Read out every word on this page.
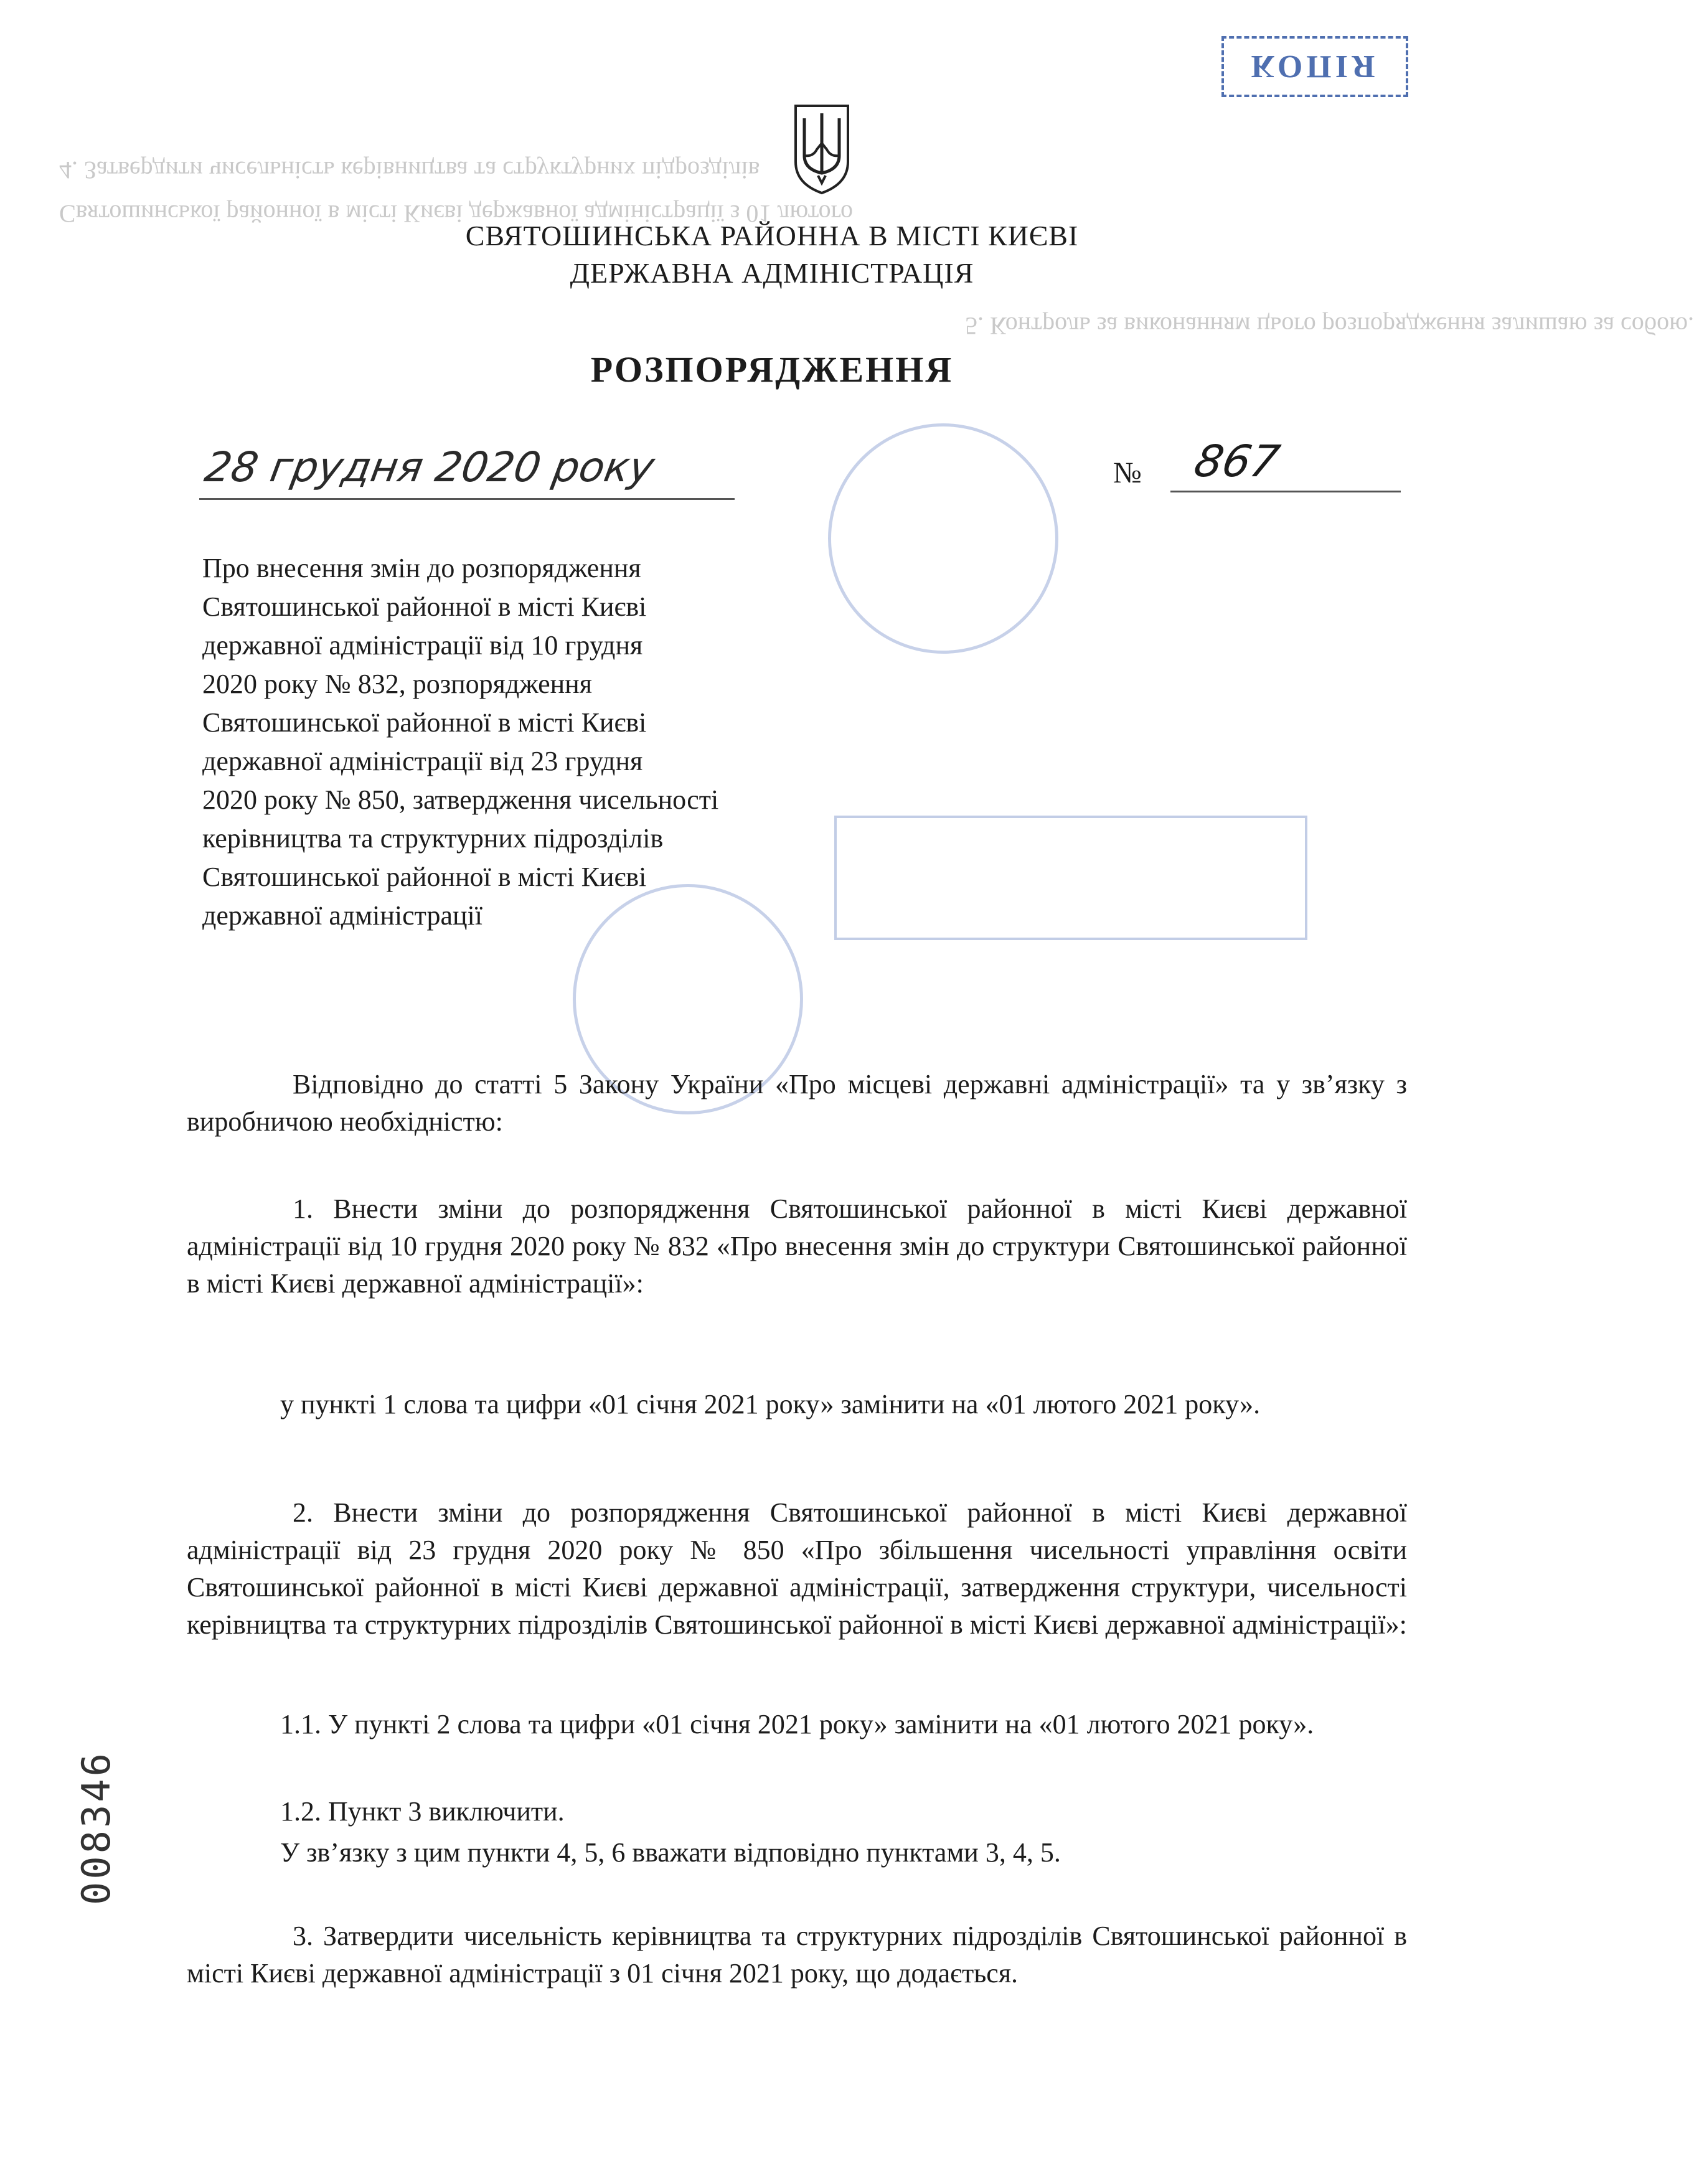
4. Затвердити чисельність керівництва та структурних підрозділів
Святошинської районної в місті Києві державної адміністрації з 01 лютого
5. Контроль за виконанням цього розпорядження залишаю за собою.
КОПІЯ
СВЯТОШИНСЬКА РАЙОННА В МІСТІ КИЄВІ
ДЕРЖАВНА АДМІНІСТРАЦІЯ
РОЗПОРЯДЖЕННЯ
28 грудня 2020 року	№ 867
Про внесення змін до розпорядження
Святошинської районної в місті Києві
державної адміністрації від 10 грудня
2020 року № 832, розпорядження
Святошинської районної в місті Києві
державної адміністрації від 23 грудня
2020 року № 850, затвердження чисельності
керівництва та структурних підрозділів
Святошинської районної в місті Києві
державної адміністрації

Відповідно до статті 5 Закону України «Про місцеві державні адміністрації» та у зв’язку з виробничою необхідністю:

1. Внести зміни до розпорядження Святошинської районної в місті Києві державної адміністрації від 10 грудня 2020 року № 832 «Про внесення змін до структури Святошинської районної в місті Києві державної адміністрації»:

у пункті 1 слова та цифри «01 січня 2021 року» замінити на «01 лютого 2021 року».

2. Внести зміни до розпорядження Святошинської районної в місті Києві державної адміністрації від 23 грудня 2020 року № 850 «Про збільшення чисельності управління освіти Святошинської районної в місті Києві державної адміністрації, затвердження структури, чисельності керівництва та структурних підрозділів Святошинської районної в місті Києві державної адміністрації»:

1.1. У пункті 2 слова та цифри «01 січня 2021 року» замінити на «01 лютого 2021 року».

1.2. Пункт 3 виключити.

У зв’язку з цим пункти 4, 5, 6 вважати відповідно пунктами 3, 4, 5.

3. Затвердити чисельність керівництва та структурних підрозділів Святошинської районної в місті Києві державної адміністрації з 01 січня 2021 року, що додається.

008346
